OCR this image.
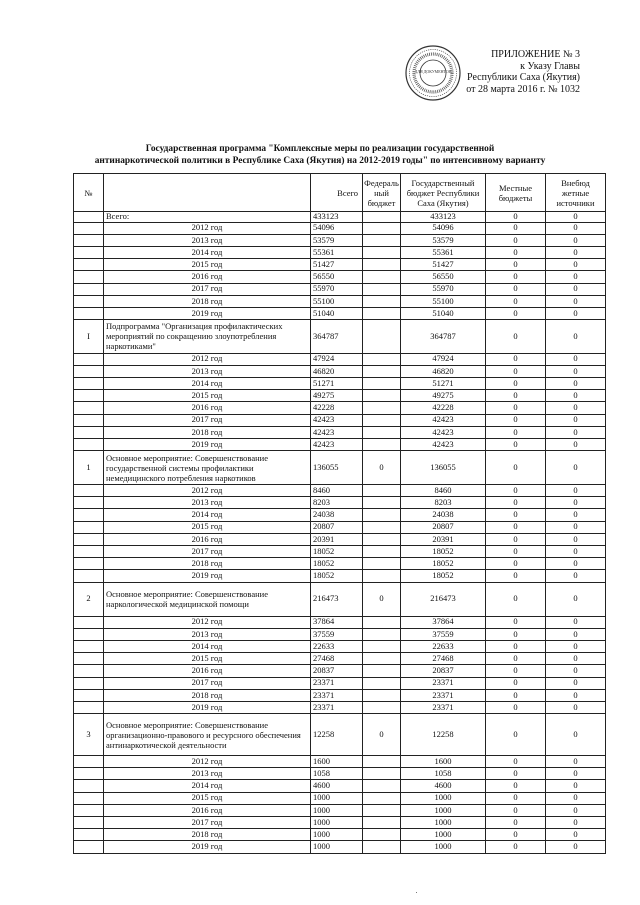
ДЛЯ ДОКУМЕНТОВ
ПРИЛОЖЕНИЕ № 3
к Указу Главы
Республики Саха (Якутия)
от 28 марта 2016 г. № 1032
Государственная программа "Комплексные меры по реализации государственной
антинаркотической политики в Республике Саха (Якутия) на 2012-2019 годы" по интенсивному варианту
№		Всего	Федераль ный бюджет	Государственный бюджет Республики Саха (Якутия)	Местные бюджеты	Внебюд жетные источники
	Всего:	433123		433123	0	0
	2012 год	54096		54096	0	0
	2013 год	53579		53579	0	0
	2014 год	55361		55361	0	0
	2015 год	51427		51427	0	0
	2016 год	56550		56550	0	0
	2017 год	55970		55970	0	0
	2018 год	55100		55100	0	0
	2019 год	51040		51040	0	0
I	Подпрограмма "Организация профилактических мероприятий по сокращению злоупотребления наркотиками"	364787		364787	0	0
	2012 год	47924		47924	0	0
	2013 год	46820		46820	0	0
	2014 год	51271		51271	0	0
	2015 год	49275		49275	0	0
	2016 год	42228		42228	0	0
	2017 год	42423		42423	0	0
	2018 год	42423		42423	0	0
	2019 год	42423		42423	0	0
1	Основное мероприятие: Совершенствование государственной системы профилактики немедицинского потребления наркотиков	136055	0	136055	0	0
	2012 год	8460		8460	0	0
	2013 год	8203		8203	0	0
	2014 год	24038		24038	0	0
	2015 год	20807		20807	0	0
	2016 год	20391		20391	0	0
	2017 год	18052		18052	0	0
	2018 год	18052		18052	0	0
	2019 год	18052		18052	0	0
2	Основное мероприятие: Совершенствование наркологической медицинской помощи	216473	0	216473	0	0
	2012 год	37864		37864	0	0
	2013 год	37559		37559	0	0
	2014 год	22633		22633	0	0
	2015 год	27468		27468	0	0
	2016 год	20837		20837	0	0
	2017 год	23371		23371	0	0
	2018 год	23371		23371	0	0
	2019 год	23371		23371	0	0
3	Основное мероприятие: Совершенствование организационно-правового и ресурсного обеспечения антинаркотической деятельности	12258	0	12258	0	0
	2012 год	1600		1600	0	0
	2013 год	1058		1058	0	0
	2014 год	4600		4600	0	0
	2015 год	1000		1000	0	0
	2016 год	1000		1000	0	0
	2017 год	1000		1000	0	0
	2018 год	1000		1000	0	0
	2019 год	1000		1000	0	0
